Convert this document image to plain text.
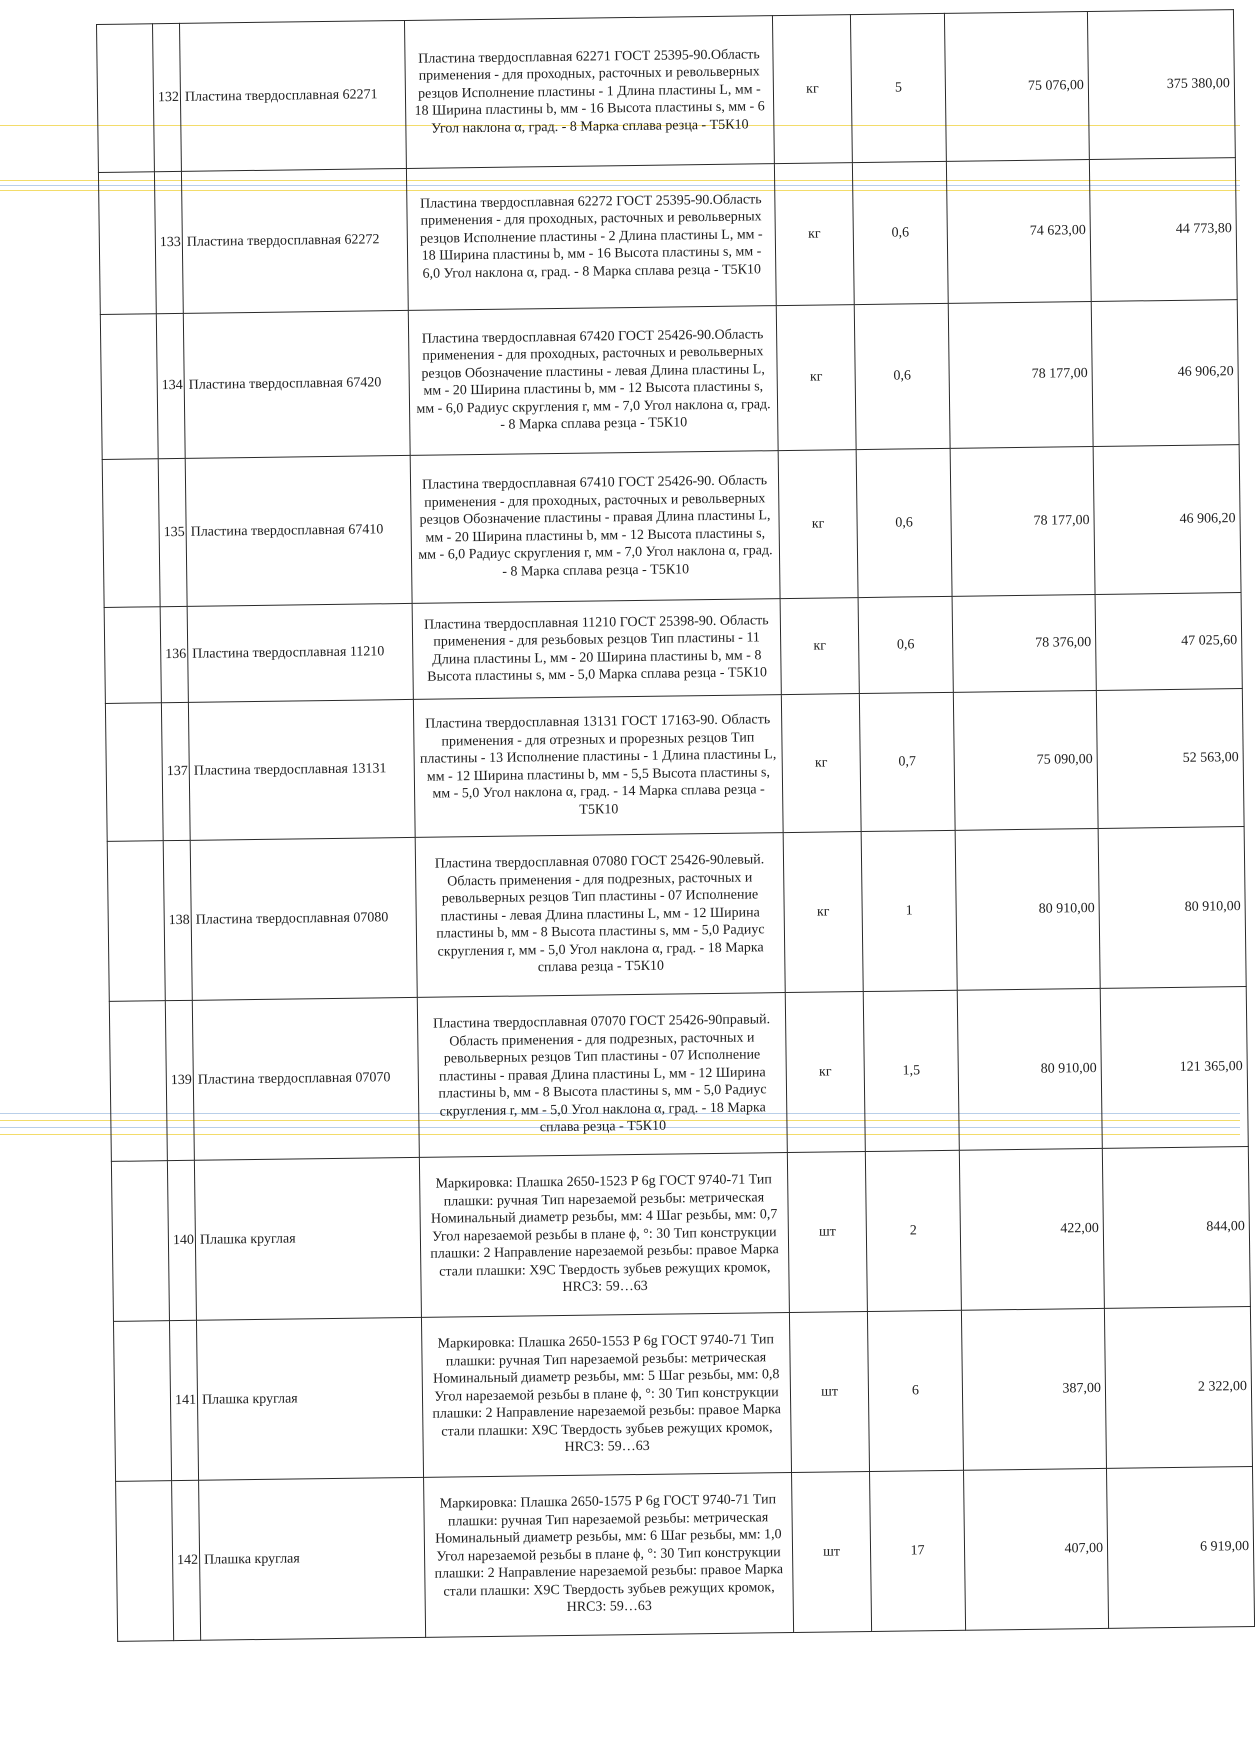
	132	Пластина твердосплавная 62271	Пластина твердосплавная 62271 ГОСТ 25395-90.Область применения - для проходных, расточных и револьверных резцов Исполнение пластины - 1 Длина пластины L, мм - 18 Ширина пластины b, мм - 16 Высота пластины s, мм - 6 Угол наклона α, град. - 8 Марка сплава резца - Т5К10	кг	5	75 076,00	375 380,00
	133	Пластина твердосплавная 62272	Пластина твердосплавная 62272 ГОСТ 25395-90.Область применения - для проходных, расточных и револьверных резцов Исполнение пластины - 2 Длина пластины L, мм - 18 Ширина пластины b, мм - 16 Высота пластины s, мм - 6,0 Угол наклона α, град. - 8 Марка сплава резца - Т5К10	кг	0,6	74 623,00	44 773,80
	134	Пластина твердосплавная 67420	Пластина твердосплавная 67420 ГОСТ 25426-90.Область применения - для проходных, расточных и револьверных резцов Обозначение пластины - левая Длина пластины L, мм - 20 Ширина пластины b, мм - 12 Высота пластины s, мм - 6,0 Радиус скругления r, мм - 7,0 Угол наклона α, град. - 8 Марка сплава резца - Т5К10	кг	0,6	78 177,00	46 906,20
	135	Пластина твердосплавная 67410	Пластина твердосплавная 67410 ГОСТ 25426-90. Область применения - для проходных, расточных и револьверных резцов Обозначение пластины - правая Длина пластины L, мм - 20 Ширина пластины b, мм - 12 Высота пластины s, мм - 6,0 Радиус скругления r, мм - 7,0 Угол наклона α, град. - 8 Марка сплава резца - Т5К10	кг	0,6	78 177,00	46 906,20
	136	Пластина твердосплавная 11210	Пластина твердосплавная 11210 ГОСТ 25398-90. Область применения - для резьбовых резцов Тип пластины - 11 Длина пластины L, мм - 20 Ширина пластины b, мм - 8 Высота пластины s, мм - 5,0 Марка сплава резца - Т5К10	кг	0,6	78 376,00	47 025,60
	137	Пластина твердосплавная 13131	Пластина твердосплавная 13131 ГОСТ 17163-90. Область применения - для отрезных и прорезных резцов Тип пластины - 13 Исполнение пластины - 1 Длина пластины L, мм - 12 Ширина пластины b, мм - 5,5 Высота пластины s, мм - 5,0 Угол наклона α, град. - 14 Марка сплава резца - Т5К10	кг	0,7	75 090,00	52 563,00
	138	Пластина твердосплавная 07080	Пластина твердосплавная 07080 ГОСТ 25426-90левый. Область применения - для подрезных, расточных и револьверных резцов Тип пластины - 07 Исполнение пластины - левая Длина пластины L, мм - 12 Ширина пластины b, мм - 8 Высота пластины s, мм - 5,0 Радиус скругления r, мм - 5,0 Угол наклона α, град. - 18 Марка сплава резца - Т5К10	кг	1	80 910,00	80 910,00
	139	Пластина твердосплавная 07070	Пластина твердосплавная 07070 ГОСТ 25426-90правый. Область применения - для подрезных, расточных и револьверных резцов Тип пластины - 07 Исполнение пластины - правая Длина пластины L, мм - 12 Ширина пластины b, мм - 8 Высота пластины s, мм - 5,0 Радиус скругления r, мм - 5,0 Угол наклона α, град. - 18 Марка сплава резца - Т5К10	кг	1,5	80 910,00	121 365,00
	140	Плашка круглая	Маркировка: Плашка 2650-1523 P 6g ГОСТ 9740-71 Тип плашки: ручная Тип нарезаемой резьбы: метрическая Номинальный диаметр резьбы, мм: 4 Шаг резьбы, мм: 0,7 Угол нарезаемой резьбы в плане ϕ, °: 30 Тип конструкции плашки: 2 Направление нарезаемой резьбы: правое Марка стали плашки: Х9С Твердость зубьев режущих кромок, HRCЗ: 59…63	шт	2	422,00	844,00
	141	Плашка круглая	Маркировка: Плашка 2650-1553 P 6g ГОСТ 9740-71 Тип плашки: ручная Тип нарезаемой резьбы: метрическая Номинальный диаметр резьбы, мм: 5 Шаг резьбы, мм: 0,8 Угол нарезаемой резьбы в плане ϕ, °: 30 Тип конструкции плашки: 2 Направление нарезаемой резьбы: правое Марка стали плашки: Х9С Твердость зубьев режущих кромок, HRCЗ: 59…63	шт	6	387,00	2 322,00
	142	Плашка круглая	Маркировка: Плашка 2650-1575 P 6g ГОСТ 9740-71 Тип плашки: ручная Тип нарезаемой резьбы: метрическая Номинальный диаметр резьбы, мм: 6 Шаг резьбы, мм: 1,0 Угол нарезаемой резьбы в плане ϕ, °: 30 Тип конструкции плашки: 2 Направление нарезаемой резьбы: правое Марка стали плашки: Х9С Твердость зубьев режущих кромок, HRCЗ: 59…63	шт	17	407,00	6 919,00
